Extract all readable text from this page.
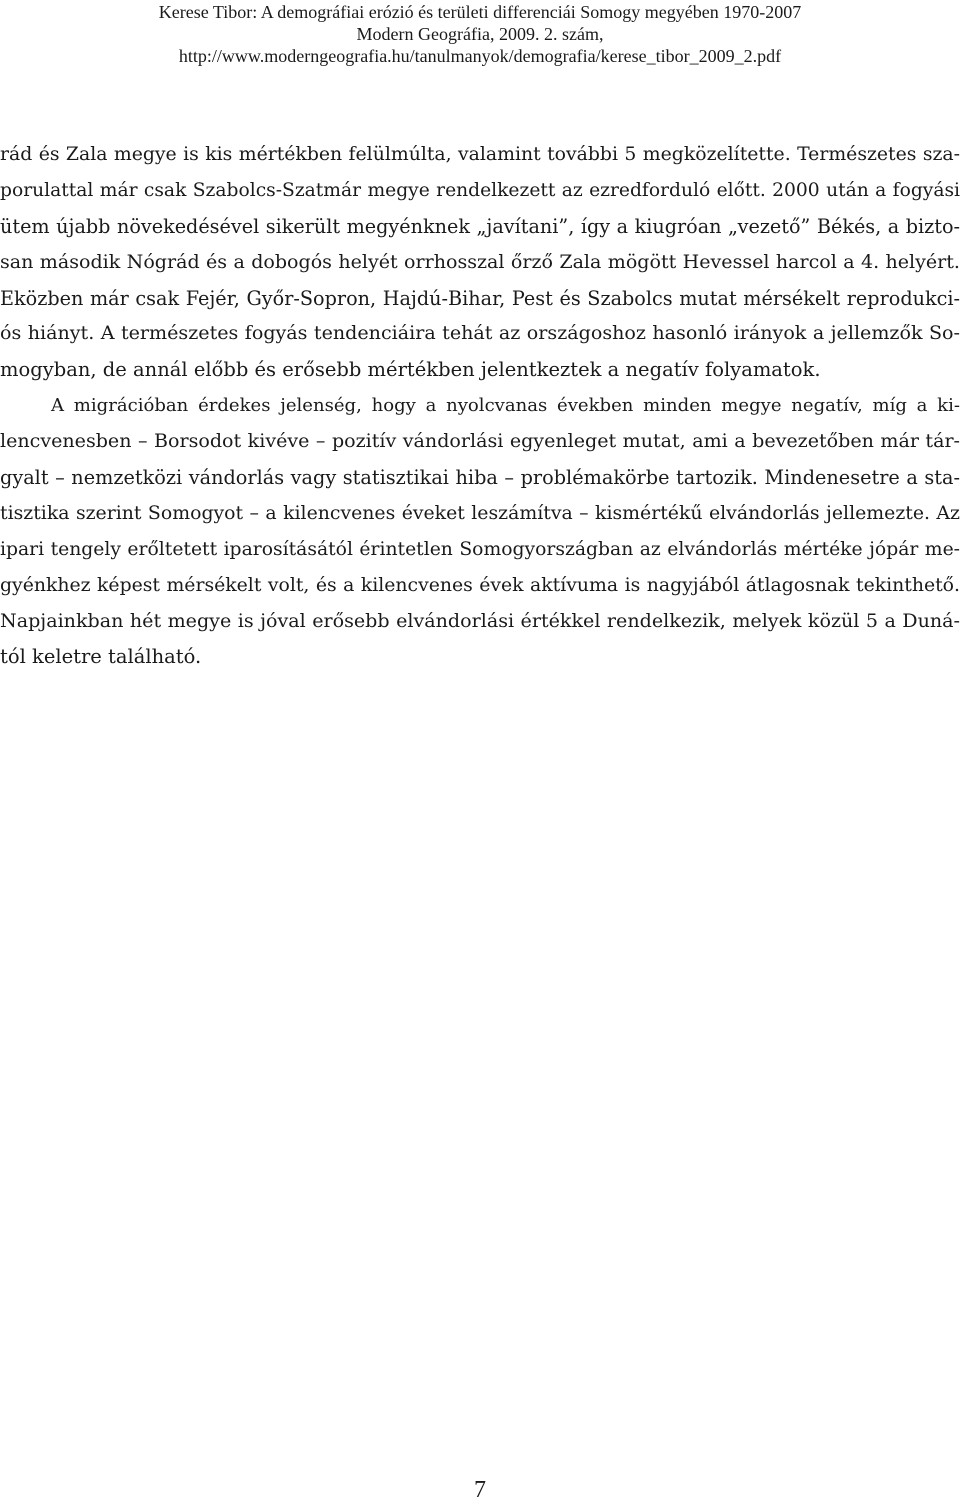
Kerese Tibor: A demográfiai erózió és területi differenciái Somogy megyében 1970-2007
Modern Geográfia, 2009. 2. szám,
http://www.moderngeografia.hu/tanulmanyok/demografia/kerese_tibor_2009_2.pdf
rád és Zala megye is kis mértékben felülmúlta, valamint további 5 megközelítette. Természetes sza-
porulattal már csak Szabolcs-Szatmár megye rendelkezett az ezredforduló előtt. 2000 után a fogyási
ütem újabb növekedésével sikerült megyénknek „javítani”, így a kiugróan „vezető” Békés, a bizto-
san második Nógrád és a dobogós helyét orrhosszal őrző Zala mögött Hevessel harcol a 4. helyért.
Eközben már csak Fejér, Győr-Sopron, Hajdú-Bihar, Pest és Szabolcs mutat mérsékelt reprodukci-
ós hiányt. A természetes fogyás tendenciáira tehát az országoshoz hasonló irányok a jellemzők So-
mogyban, de annál előbb és erősebb mértékben jelentkeztek a negatív folyamatok.
A migrációban érdekes jelenség, hogy a nyolcvanas években minden megye negatív, míg a ki-
lencvenesben – Borsodot kivéve – pozitív vándorlási egyenleget mutat, ami a bevezetőben már tár-
gyalt – nemzetközi vándorlás vagy statisztikai hiba – problémakörbe tartozik. Mindenesetre a sta-
tisztika szerint Somogyot – a kilencvenes éveket leszámítva – kismértékű elvándorlás jellemezte. Az
ipari tengely erőltetett iparosításától érintetlen Somogyországban az elvándorlás mértéke jópár me-
gyénkhez képest mérsékelt volt, és a kilencvenes évek aktívuma is nagyjából átlagosnak tekinthető.
Napjainkban hét megye is jóval erősebb elvándorlási értékkel rendelkezik, melyek közül 5 a Duná-
tól keletre található.
7
